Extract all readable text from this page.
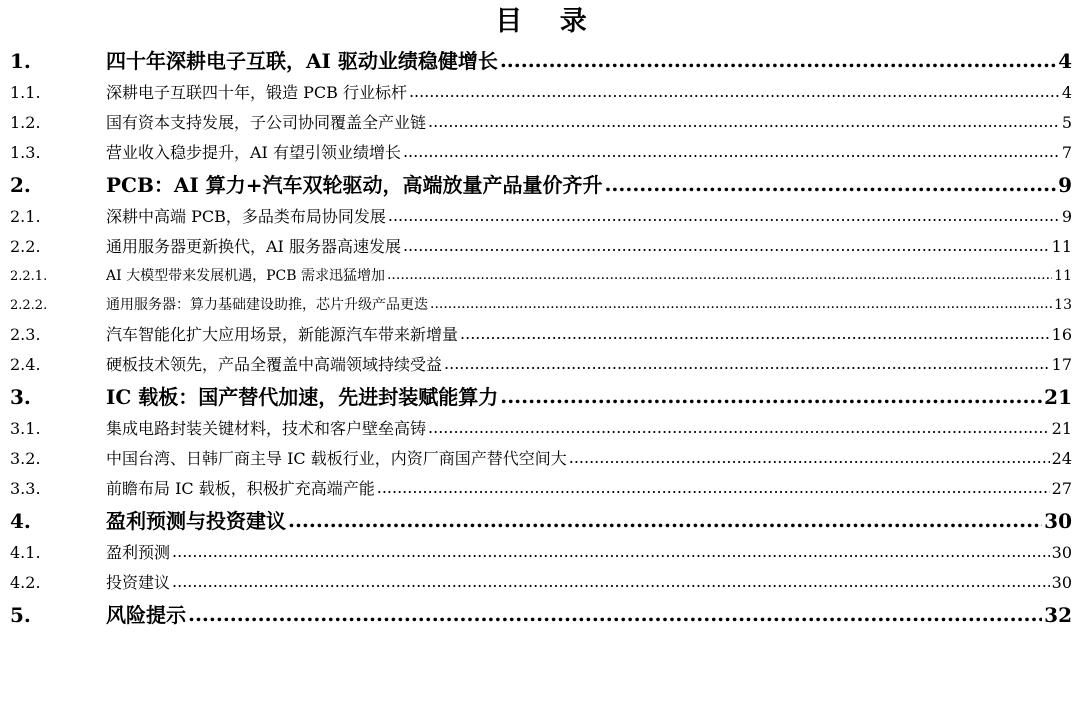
目 录
1.	四十年深耕电子互联，AI 驱动业绩稳健增长 .....	4
1.1.	深耕电子互联四十年，锻造 PCB 行业标杆 .....	4
1.2.	国有资本支持发展，子公司协同覆盖全产业链 .....	5
1.3.	营业收入稳步提升，AI 有望引领业绩增长 .....	7
2.	PCB：AI 算力+汽车双轮驱动，高端放量产品量价齐升 .....	9
2.1.	深耕中高端 PCB，多品类布局协同发展 .....	9
2.2.	通用服务器更新换代，AI 服务器高速发展 .....	11
2.2.1.	AI 大模型带来发展机遇，PCB 需求迅猛增加 .....	11
2.2.2.	通用服务器：算力基础建设助推，芯片升级产品更迭 .....	13
2.3.	汽车智能化扩大应用场景，新能源汽车带来新增量 .....	16
2.4.	硬板技术领先，产品全覆盖中高端领域持续受益 .....	17
3.	IC 载板：国产替代加速，先进封装赋能算力 .....	21
3.1.	集成电路封装关键材料，技术和客户壁垒高铸 .....	21
3.2.	中国台湾、日韩厂商主导 IC 载板行业，内资厂商国产替代空间大 .....	24
3.3.	前瞻布局 IC 载板，积极扩充高端产能 .....	27
4.	盈利预测与投资建议 .....	30
4.1.	盈利预测 .....	30
4.2.	投资建议 .....	30
5.	风险提示 .....	32
